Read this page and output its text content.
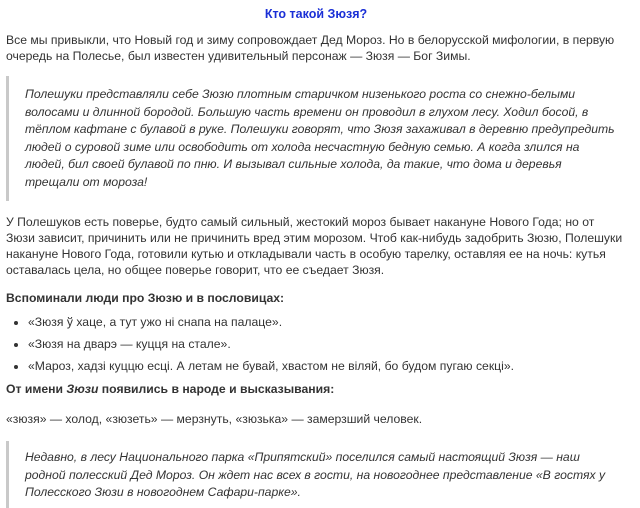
Кто такой Зюзя?

Все мы привыкли, что Новый год и зиму сопровождает Дед Мороз. Но в белорусской мифологии, в первую очередь на Полесье, был известен удивительный персонаж — Зюзя — Бог Зимы.

Полешуки представляли себе Зюзю плотным старичком низенького роста со снежно-белыми волосами и длинной бородой. Большую часть времени он проводил в глухом лесу. Ходил босой, в тёплом кафтане с булавой в руке. Полешуки говорят, что Зюзя захаживал в деревню предупредить людей о суровой зиме или освободить от холода несчастную бедную семью. А когда злился на людей, бил своей булавой по пню. И вызывал сильные холода, да такие, что дома и деревья трещали от мороза!

У Полешуков есть поверье, будто самый сильный, жестокий мороз бывает накануне Нового Года; но от Зюзи зависит, причинить или не причинить вред этим морозом. Чтоб как-нибудь задобрить Зюзю, Полешуки накануне Нового Года, готовили кутью и откладывали часть в особую тарелку, оставляя ее на ночь: кутья оставалась цела, но общее поверье говорит, что ее съедает Зюзя.

Вспоминали люди про Зюзю и в пословицах:

• «Зюзя ў хаце, а тут ужо ні снапа на палаце».
• «Зюзя на дварэ — куцця на стале».
• «Мароз, хадзі куццю есці. А летам не бувай, хвастом не віляй, бо будом пугаю секці».

От имени Зюзи появились в народе и высказывания:

«зюзя» — холод, «зюзеть» — мерзнуть, «зюзька» — замерзший человек.

Недавно, в лесу Национального парка «Припятский» поселился самый настоящий Зюзя — наш родной полесский Дед Мороз. Он ждет нас всех в гости, на новогоднее представление «В гостях у Полесского Зюзи в новогоднем Сафари-парке».
